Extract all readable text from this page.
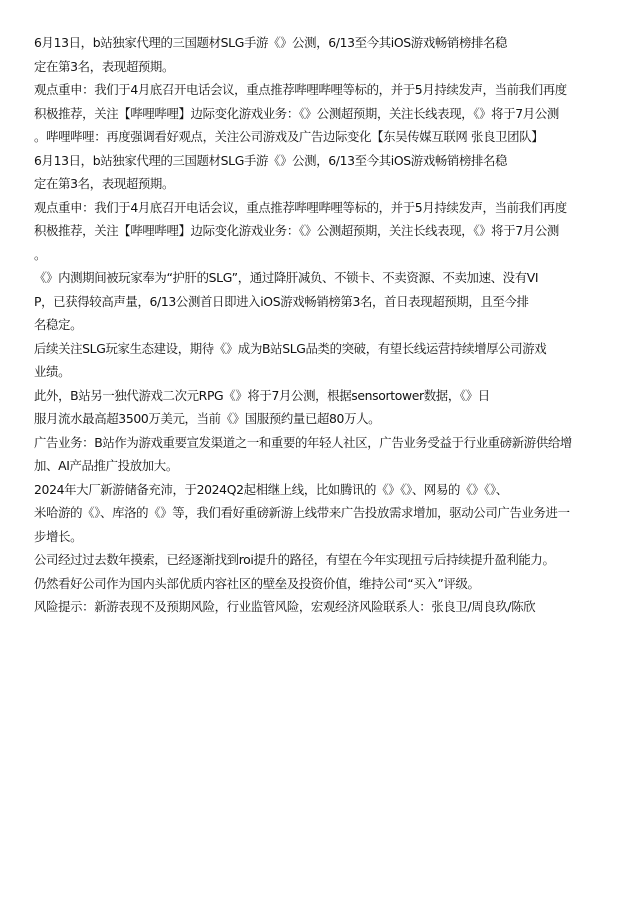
6月13日，b站独家代理的三国题材SLG手游《》公测，6/13至今其iOS游戏畅销榜排名稳
定在第3名，表现超预期。
观点重申：我们于4月底召开电话会议，重点推荐哔哩哔哩等标的，并于5月持续发声，当前我们再度
积极推荐，关注【哔哩哔哩】边际变化游戏业务：《》公测超预期，关注长线表现，《》将于7月公测
。哔哩哔哩：再度强调看好观点，关注公司游戏及广告边际变化【东吴传媒互联网 张良卫团队】
6月13日，b站独家代理的三国题材SLG手游《》公测，6/13至今其iOS游戏畅销榜排名稳
定在第3名，表现超预期。
观点重申：我们于4月底召开电话会议，重点推荐哔哩哔哩等标的，并于5月持续发声，当前我们再度
积极推荐，关注【哔哩哔哩】边际变化游戏业务：《》公测超预期，关注长线表现，《》将于7月公测
。
《》内测期间被玩家奉为“护肝的SLG”，通过降肝减负、不锁卡、不卖资源、不卖加速、没有VI
P，已获得较高声量，6/13公测首日即进入iOS游戏畅销榜第3名，首日表现超预期，且至今排
名稳定。
后续关注SLG玩家生态建设，期待《》成为B站SLG品类的突破，有望长线运营持续增厚公司游戏
业绩。
此外，B站另一独代游戏二次元RPG《》将于7月公测，根据sensortower数据，《》日
服月流水最高超3500万美元，当前《》国服预约量已超80万人。
广告业务：B站作为游戏重要宣发渠道之一和重要的年轻人社区，广告业务受益于行业重磅新游供给增
加、AI产品推广投放加大。
2024年大厂新游储备充沛，于2024Q2起相继上线，比如腾讯的《》《》、网易的《》《》、
米哈游的《》、库洛的《》等，我们看好重磅新游上线带来广告投放需求增加，驱动公司广告业务进一
步增长。
公司经过过去数年摸索，已经逐渐找到roi提升的路径，有望在今年实现扭亏后持续提升盈利能力。
仍然看好公司作为国内头部优质内容社区的壁垒及投资价值，维持公司“买入”评级。
风险提示：新游表现不及预期风险，行业监管风险，宏观经济风险联系人：张良卫/周良玖/陈欣
